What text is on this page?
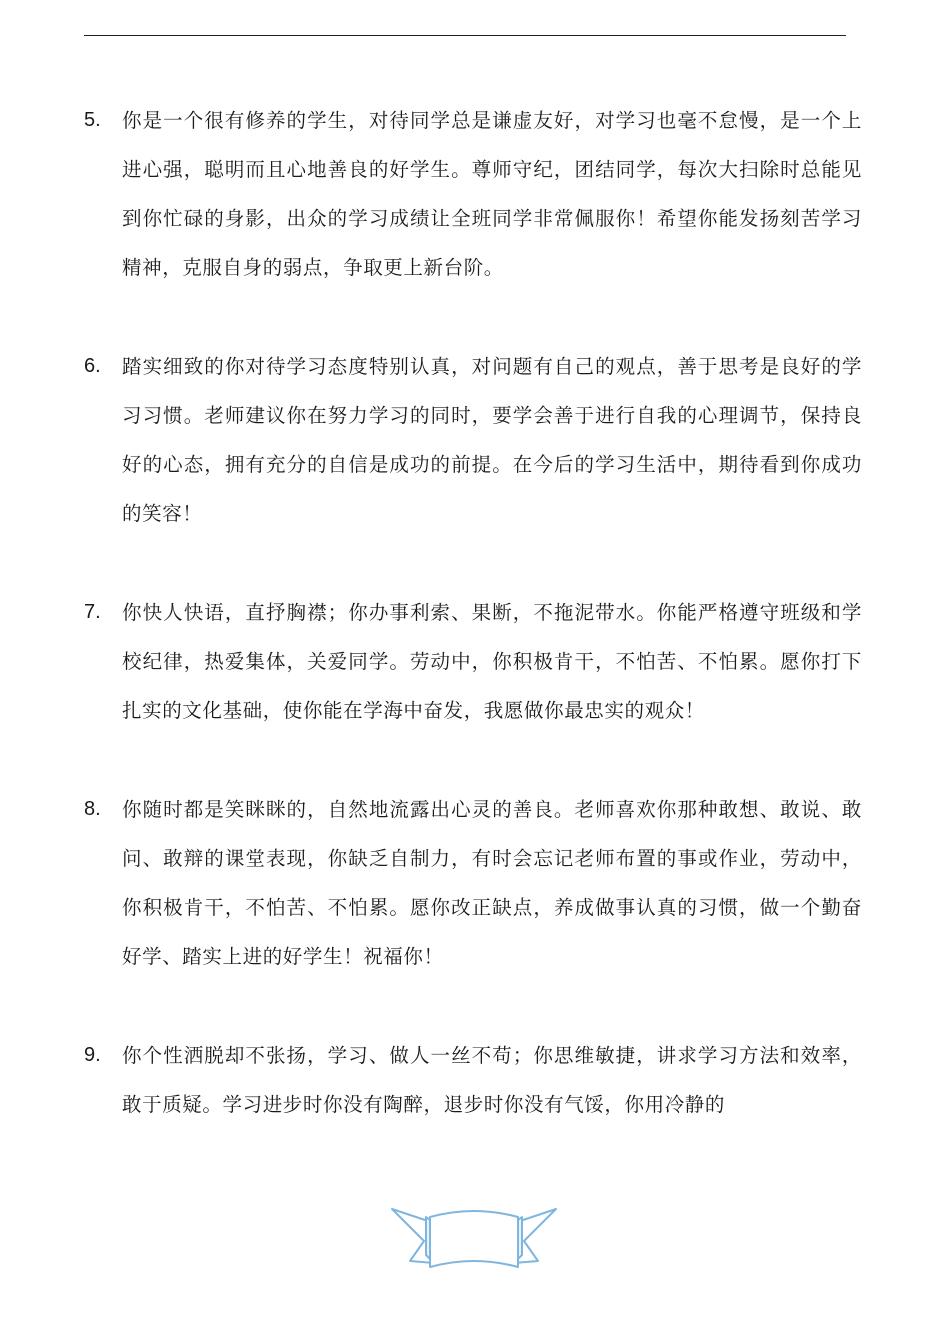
5.	你是一个很有修养的学生，对待同学总是谦虚友好，对学习也毫不怠慢，是一个上进心强，聪明而且心地善良的好学生。尊师守纪，团结同学，每次大扫除时总能见到你忙碌的身影，出众的学习成绩让全班同学非常佩服你！希望你能发扬刻苦学习精神，克服自身的弱点，争取更上新台阶。
6.	踏实细致的你对待学习态度特别认真，对问题有自己的观点，善于思考是良好的学习习惯。老师建议你在努力学习的同时，要学会善于进行自我的心理调节，保持良好的心态，拥有充分的自信是成功的前提。在今后的学习生活中，期待看到你成功的笑容！
7.	你快人快语，直抒胸襟；你办事利索、果断，不拖泥带水。你能严格遵守班级和学校纪律，热爱集体，关爱同学。劳动中，你积极肯干，不怕苦、不怕累。愿你打下扎实的文化基础，使你能在学海中奋发，我愿做你最忠实的观众！
8.	你随时都是笑眯眯的，自然地流露出心灵的善良。老师喜欢你那种敢想、敢说、敢问、敢辩的课堂表现，你缺乏自制力，有时会忘记老师布置的事或作业，劳动中，你积极肯干，不怕苦、不怕累。愿你改正缺点，养成做事认真的习惯，做一个勤奋好学、踏实上进的好学生！祝福你！
9.	你个性洒脱却不张扬，学习、做人一丝不苟；你思维敏捷，讲求学习方法和效率，敢于质疑。学习进步时你没有陶醉，退步时你没有气馁，你用冷静的
